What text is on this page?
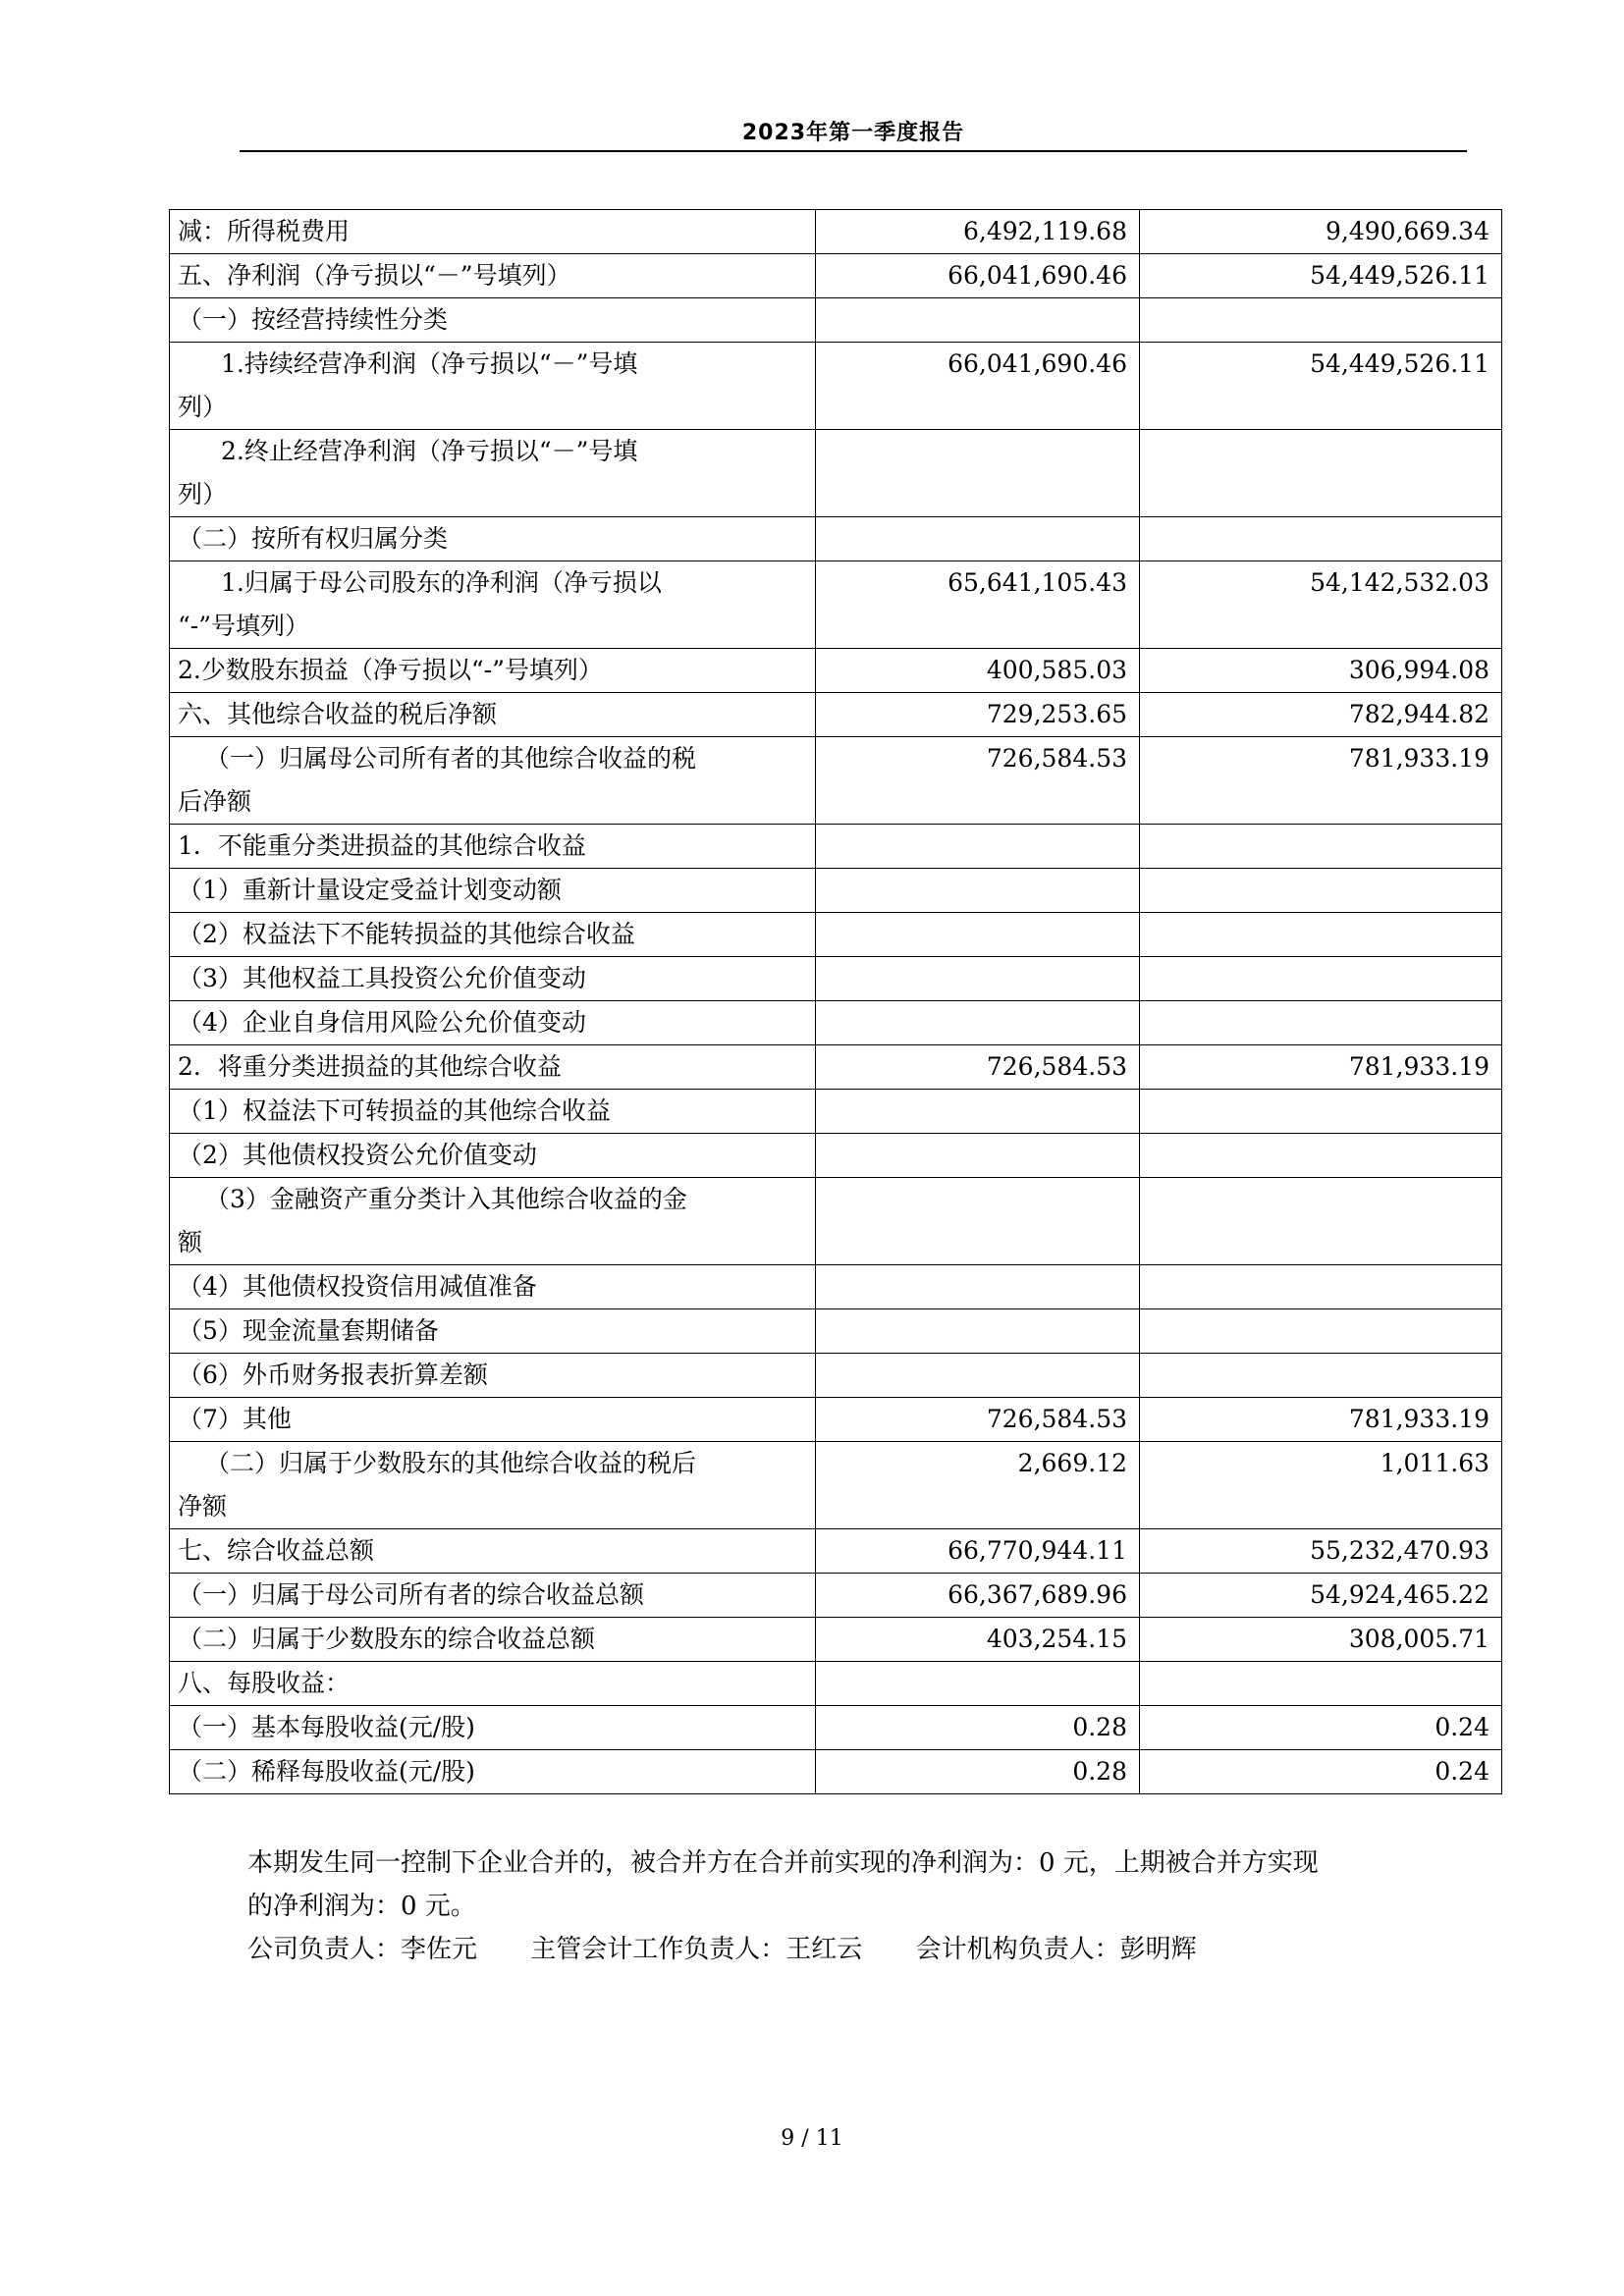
2023年第一季度报告
减：所得税费用	6,492,119.68	9,490,669.34
五、净利润（净亏损以“－”号填列）	66,041,690.46	54,449,526.11
（一）按经营持续性分类		

1.持续经营净利润（净亏损以“－”号填
列）	66,041,690.46	54,449,526.11

2.终止经营净利润（净亏损以“－”号填
列）		

（二）按所有权归属分类		

1.归属于母公司股东的净利润（净亏损以
“-”号填列）	65,641,105.43	54,142,532.03
2.少数股东损益（净亏损以“-”号填列）	400,585.03	306,994.08
六、其他综合收益的税后净额	729,253.65	782,944.82

（一）归属母公司所有者的其他综合收益的税
后净额	726,584.53	781,933.19
1．不能重分类进损益的其他综合收益		
（1）重新计量设定受益计划变动额		
（2）权益法下不能转损益的其他综合收益		
（3）其他权益工具投资公允价值变动		
（4）企业自身信用风险公允价值变动		
2．将重分类进损益的其他综合收益	726,584.53	781,933.19
（1）权益法下可转损益的其他综合收益		
（2）其他债权投资公允价值变动		

（3）金融资产重分类计入其他综合收益的金
额		

（4）其他债权投资信用减值准备		
（5）现金流量套期储备		
（6）外币财务报表折算差额		
（7）其他	726,584.53	781,933.19

（二）归属于少数股东的其他综合收益的税后
净额	2,669.12	1,011.63
七、综合收益总额	66,770,944.11	55,232,470.93
（一）归属于母公司所有者的综合收益总额	66,367,689.96	54,924,465.22
（二）归属于少数股东的综合收益总额	403,254.15	308,005.71
八、每股收益：		
（一）基本每股收益(元/股)	0.28	0.24
（二）稀释每股收益(元/股)	0.28	0.24

本期发生同一控制下企业合并的，被合并方在合并前实现的净利润为：0 元，上期被合并方实现

的净利润为：0 元。

公司负责人：李佐元 主管会计工作负责人：王红云 会计机构负责人：彭明辉

9 / 11
